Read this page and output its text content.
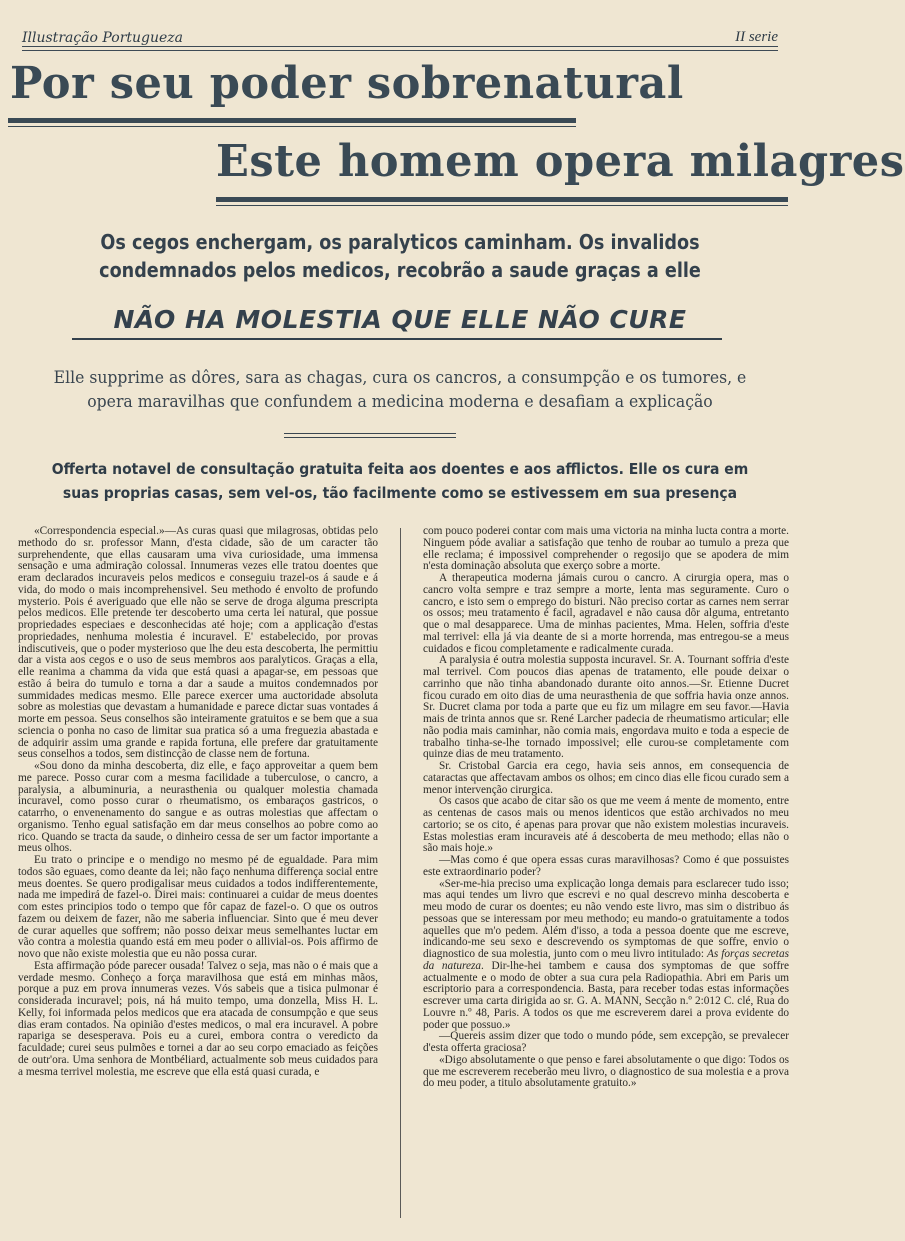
Illustração Portugueza	II serie
Por seu poder sobrenatural
Este homem opera milagres
Os cegos enchergam, os paralyticos caminham. Os invalidos condemnados pelos medicos, recobrão a saude graças a elle
NÃO HA MOLESTIA QUE ELLE NÃO CURE
Elle supprime as dôres, sara as chagas, cura os cancros, a consumpção e os tumores, e opera maravilhas que confundem a medicina moderna e desafiam a explicação
Offerta notavel de consultação gratuita feita aos doentes e aos afflictos. Elle os cura em suas proprias casas, sem vel-os, tão facilmente como se estivessem em sua presença

«Correspondencia especial.»—As curas quasi que milagrosas, obtidas pelo methodo do sr. professor Mann, d'esta cidade, são de um caracter tão surprehendente, que ellas causaram uma viva curiosidade, uma immensa sensação e uma admiração colossal. Innumeras vezes elle tratou doentes que eram declarados incuraveis pelos medicos e conseguiu trazel-os á saude e á vida, do modo o mais incomprehensivel. Seu methodo é envolto de profundo mysterio. Pois é averiguado que elle não se serve de droga alguma prescripta pelos medicos. Elle pretende ter descoberto uma certa lei natural, que possue propriedades especiaes e desconhecidas até hoje; com a applicação d'estas propriedades, nenhuma molestia é incuravel. E' estabelecido, por provas indiscutiveis, que o poder mysterioso que lhe deu esta descoberta, lhe permittiu dar a vista aos cegos e o uso de seus membros aos paralyticos. Graças a ella, elle reanima a chamma da vida que está quasi a apagar-se, em pessoas que estão á beira do tumulo e torna a dar a saude a muitos condemnados por summidades medicas mesmo. Elle parece exercer uma auctoridade absoluta sobre as molestias que devastam a humanidade e parece dictar suas vontades á morte em pessoa. Seus conselhos são inteiramente gratuitos e se bem que a sua sciencia o ponha no caso de limitar sua pratica só a uma freguezia abastada e de adquirir assim uma grande e rapida fortuna, elle prefere dar gratuitamente seus conselhos a todos, sem distincção de classe nem de fortuna.

«Sou dono da minha descoberta, diz elle, e faço approveitar a quem bem me parece. Posso curar com a mesma facilidade a tuberculose, o cancro, a paralysia, a albuminuria, a neurasthenia ou qualquer molestia chamada incuravel, como posso curar o rheumatismo, os embaraços gastricos, o catarrho, o envenenamento do sangue e as outras molestias que affectam o organismo. Tenho egual satisfação em dar meus conselhos ao pobre como ao rico. Quando se tracta da saude, o dinheiro cessa de ser um factor importante a meus olhos.

Eu trato o principe e o mendigo no mesmo pé de egualdade. Para mim todos são eguaes, como deante da lei; não faço nenhuma differença social entre meus doentes. Se quero prodigalisar meus cuidados a todos indifferentemente, nada me impedirá de fazel-o. Direi mais: continuarei a cuidar de meus doentes com estes principios todo o tempo que fôr capaz de fazel-o. O que os outros fazem ou deixem de fazer, não me saberia influenciar. Sinto que é meu dever de curar aquelles que soffrem; não posso deixar meus semelhantes luctar em vão contra a molestia quando está em meu poder o allivial-os. Pois affirmo de novo que não existe molestia que eu não possa curar.

Esta affirmação póde parecer ousada! Talvez o seja, mas não o é mais que a verdade mesmo. Conheço a força maravilhosa que está em minhas mãos, porque a puz em prova innumeras vezes. Vós sabeis que a tisica pulmonar é considerada incuravel; pois, ná há muito tempo, uma donzella, Miss H. L. Kelly, foi informada pelos medicos que era atacada de consumpção e que seus dias eram contados. Na opinião d'estes medicos, o mal era incuravel. A pobre rapariga se desesperava. Pois eu a curei, embora contra o veredicto da faculdade; curei seus pulmões e tornei a dar ao seu corpo emaciado as feições de outr'ora. Uma senhora de Montbéliard, actualmente sob meus cuidados para a mesma terrivel molestia, me escreve que ella está quasi curada, e

com pouco poderei contar com mais uma victoria na minha lucta contra a morte. Ninguem póde avaliar a satisfação que tenho de roubar ao tumulo a preza que elle reclama; é impossivel comprehender o regosijo que se apodera de mim n'esta dominação absoluta que exerço sobre a morte.

A therapeutica moderna jámais curou o cancro. A cirurgia opera, mas o cancro volta sempre e traz sempre a morte, lenta mas seguramente. Curo o cancro, e isto sem o emprego do bisturi. Não preciso cortar as carnes nem serrar os ossos; meu tratamento é facil, agradavel e não causa dôr alguma, entretanto que o mal desapparece. Uma de minhas pacientes, Mma. Helen, soffria d'este mal terrivel: ella já via deante de si a morte horrenda, mas entregou-se a meus cuidados e ficou completamente e radicalmente curada.

A paralysia é outra molestia supposta incuravel. Sr. A. Tournant soffria d'este mal terrivel. Com poucos dias apenas de tratamento, elle poude deixar o carrinho que não tinha abandonado durante oito annos.—Sr. Etienne Ducret ficou curado em oito dias de uma neurasthenia de que soffria havia onze annos. Sr. Ducret clama por toda a parte que eu fiz um milagre em seu favor.—Havia mais de trinta annos que sr. René Larcher padecia de rheumatismo articular; elle não podia mais caminhar, não comia mais, engordava muito e toda a especie de trabalho tinha-se-lhe tornado impossivel; elle curou-se completamente com quinze dias de meu tratamento.

Sr. Cristobal Garcia era cego, havia seis annos, em consequencia de cataractas que affectavam ambos os olhos; em cinco dias elle ficou curado sem a menor intervenção cirurgica.

Os casos que acabo de citar são os que me veem á mente de momento, entre as centenas de casos mais ou menos identicos que estão archivados no meu cartorio; se os cito, é apenas para provar que não existem molestias incuraveis. Estas molestias eram incuraveis até á descoberta de meu methodo; ellas não o são mais hoje.»

—Mas como é que opera essas curas maravilhosas? Como é que possuistes este extraordinario poder?

«Ser-me-hia preciso uma explicação longa demais para esclarecer tudo isso; mas aqui tendes um livro que escrevi e no qual descrevo minha descoberta e meu modo de curar os doentes; eu não vendo este livro, mas sim o distribuo ás pessoas que se interessam por meu methodo; eu mando-o gratuitamente a todos aquelles que m'o pedem. Além d'isso, a toda a pessoa doente que me escreve, indicando-me seu sexo e descrevendo os symptomas de que soffre, envio o diagnostico de sua molestia, junto com o meu livro intitulado: As forças secretas da natureza. Dir-lhe-hei tambem e causa dos symptomas de que soffre actualmente e o modo de obter a sua cura pela Radiopathia. Abri em Paris um escriptorio para a correspondencia. Basta, para receber todas estas informações escrever uma carta dirigida ao sr. G. A. MANN, Secção n.º 2:012 C. clé, Rua do Louvre n.º 48, Paris. A todos os que me escreverem darei a prova evidente do poder que possuo.»

—Quereis assim dizer que todo o mundo póde, sem excepção, se prevalecer d'esta offerta graciosa?

«Digo absolutamente o que penso e farei absolutamente o que digo: Todos os que me escreverem receberão meu livro, o diagnostico de sua molestia e a prova do meu poder, a titulo absolutamente gratuito.»
